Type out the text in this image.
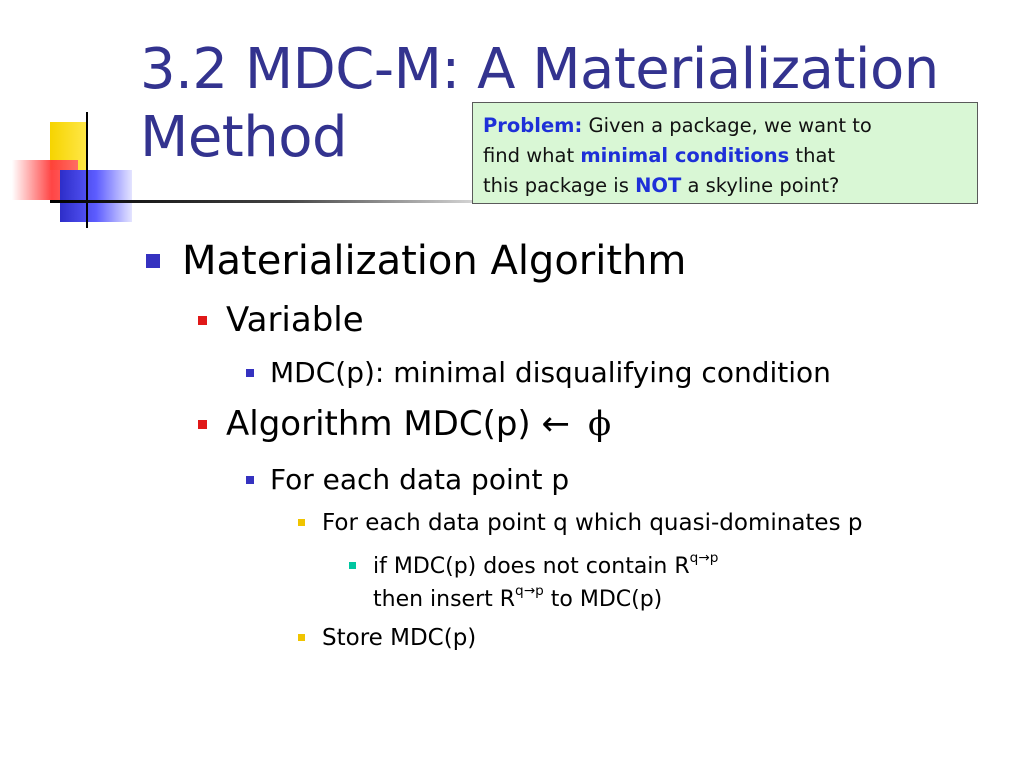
3.2 MDC-M: A Materialization
Method	Problem: Given a package, we want to
find what minimal conditions that
this package is NOT a skyline point?
Materialization Algorithm
Variable
MDC(p): minimal disqualifying condition
Algorithm MDC(p) ← ϕ
For each data point p
For each data point q which quasi-dominates p
if MDC(p) does not contain $R^{q\to p}$
then insert $R^{q\to p}$ to MDC(p)
Store MDC(p)
